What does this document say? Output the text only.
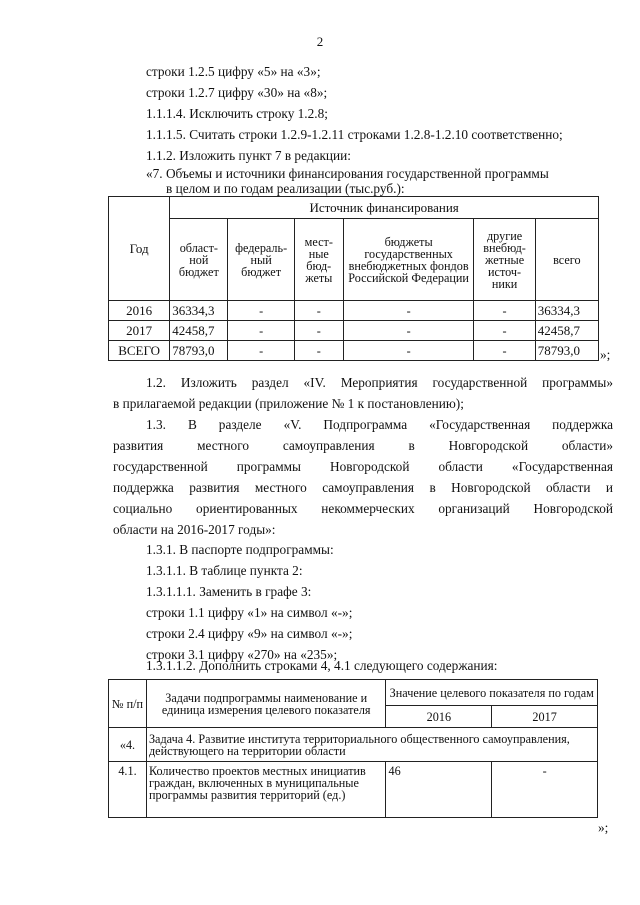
2
строки 1.2.5 цифру «5» на «3»;
строки 1.2.7 цифру «30» на «8»;
1.1.1.4. Исключить строку 1.2.8;
1.1.1.5. Считать строки 1.2.9-1.2.11 строками 1.2.8-1.2.10 соответственно;
1.1.2. Изложить пункт 7 в редакции:
«7. Объемы и источники финансирования государственной программы
в целом и по годам реализации (тыс.руб.):
Год	Источник финансирования					
	област-ной бюджет	федераль-ный бюджет	мест-ные бюд-жеты	бюджеты государственных внебюджетных фондов Российской Федерации	другие внебюд-жетные источ-ники	всего
2016	36334,3	-	-	-	-	36334,3
2017	42458,7	-	-	-	-	42458,7
ВСЕГО	78793,0	-	-	-	-	78793,0 »;
1.2. Изложить раздел «IV. Мероприятия государственной программы»
в прилагаемой редакции (приложение № 1 к постановлению);
1.3. В разделе «V. Подпрограмма «Государственная поддержка
развития местного самоуправления в Новгородской области»
государственной программы Новгородской области «Государственная
поддержка развития местного самоуправления в Новгородской области и
социально ориентированных некоммерческих организаций Новгородской
области на 2016-2017 годы»:
1.3.1. В паспорте подпрограммы:
1.3.1.1. В таблице пункта 2:
1.3.1.1.1. Заменить в графе 3:
строки 1.1 цифру «1» на символ «-»;
строки 2.4 цифру «9» на символ «-»;
строки 3.1 цифру «270» на «235»;
1.3.1.1.2. Дополнить строками 4, 4.1 следующего содержания:
№ п/п	Задачи подпрограммы наименование и единица измерения целевого показателя	Значение целевого показателя по годам	
		2016	2017
«4.	Задача 4. Развитие института территориального общественного самоуправления, действующего на территории области		
4.1.	Количество проектов местных инициатив граждан, включенных в муниципальные программы развития территорий (ед.)	46	-
»;
